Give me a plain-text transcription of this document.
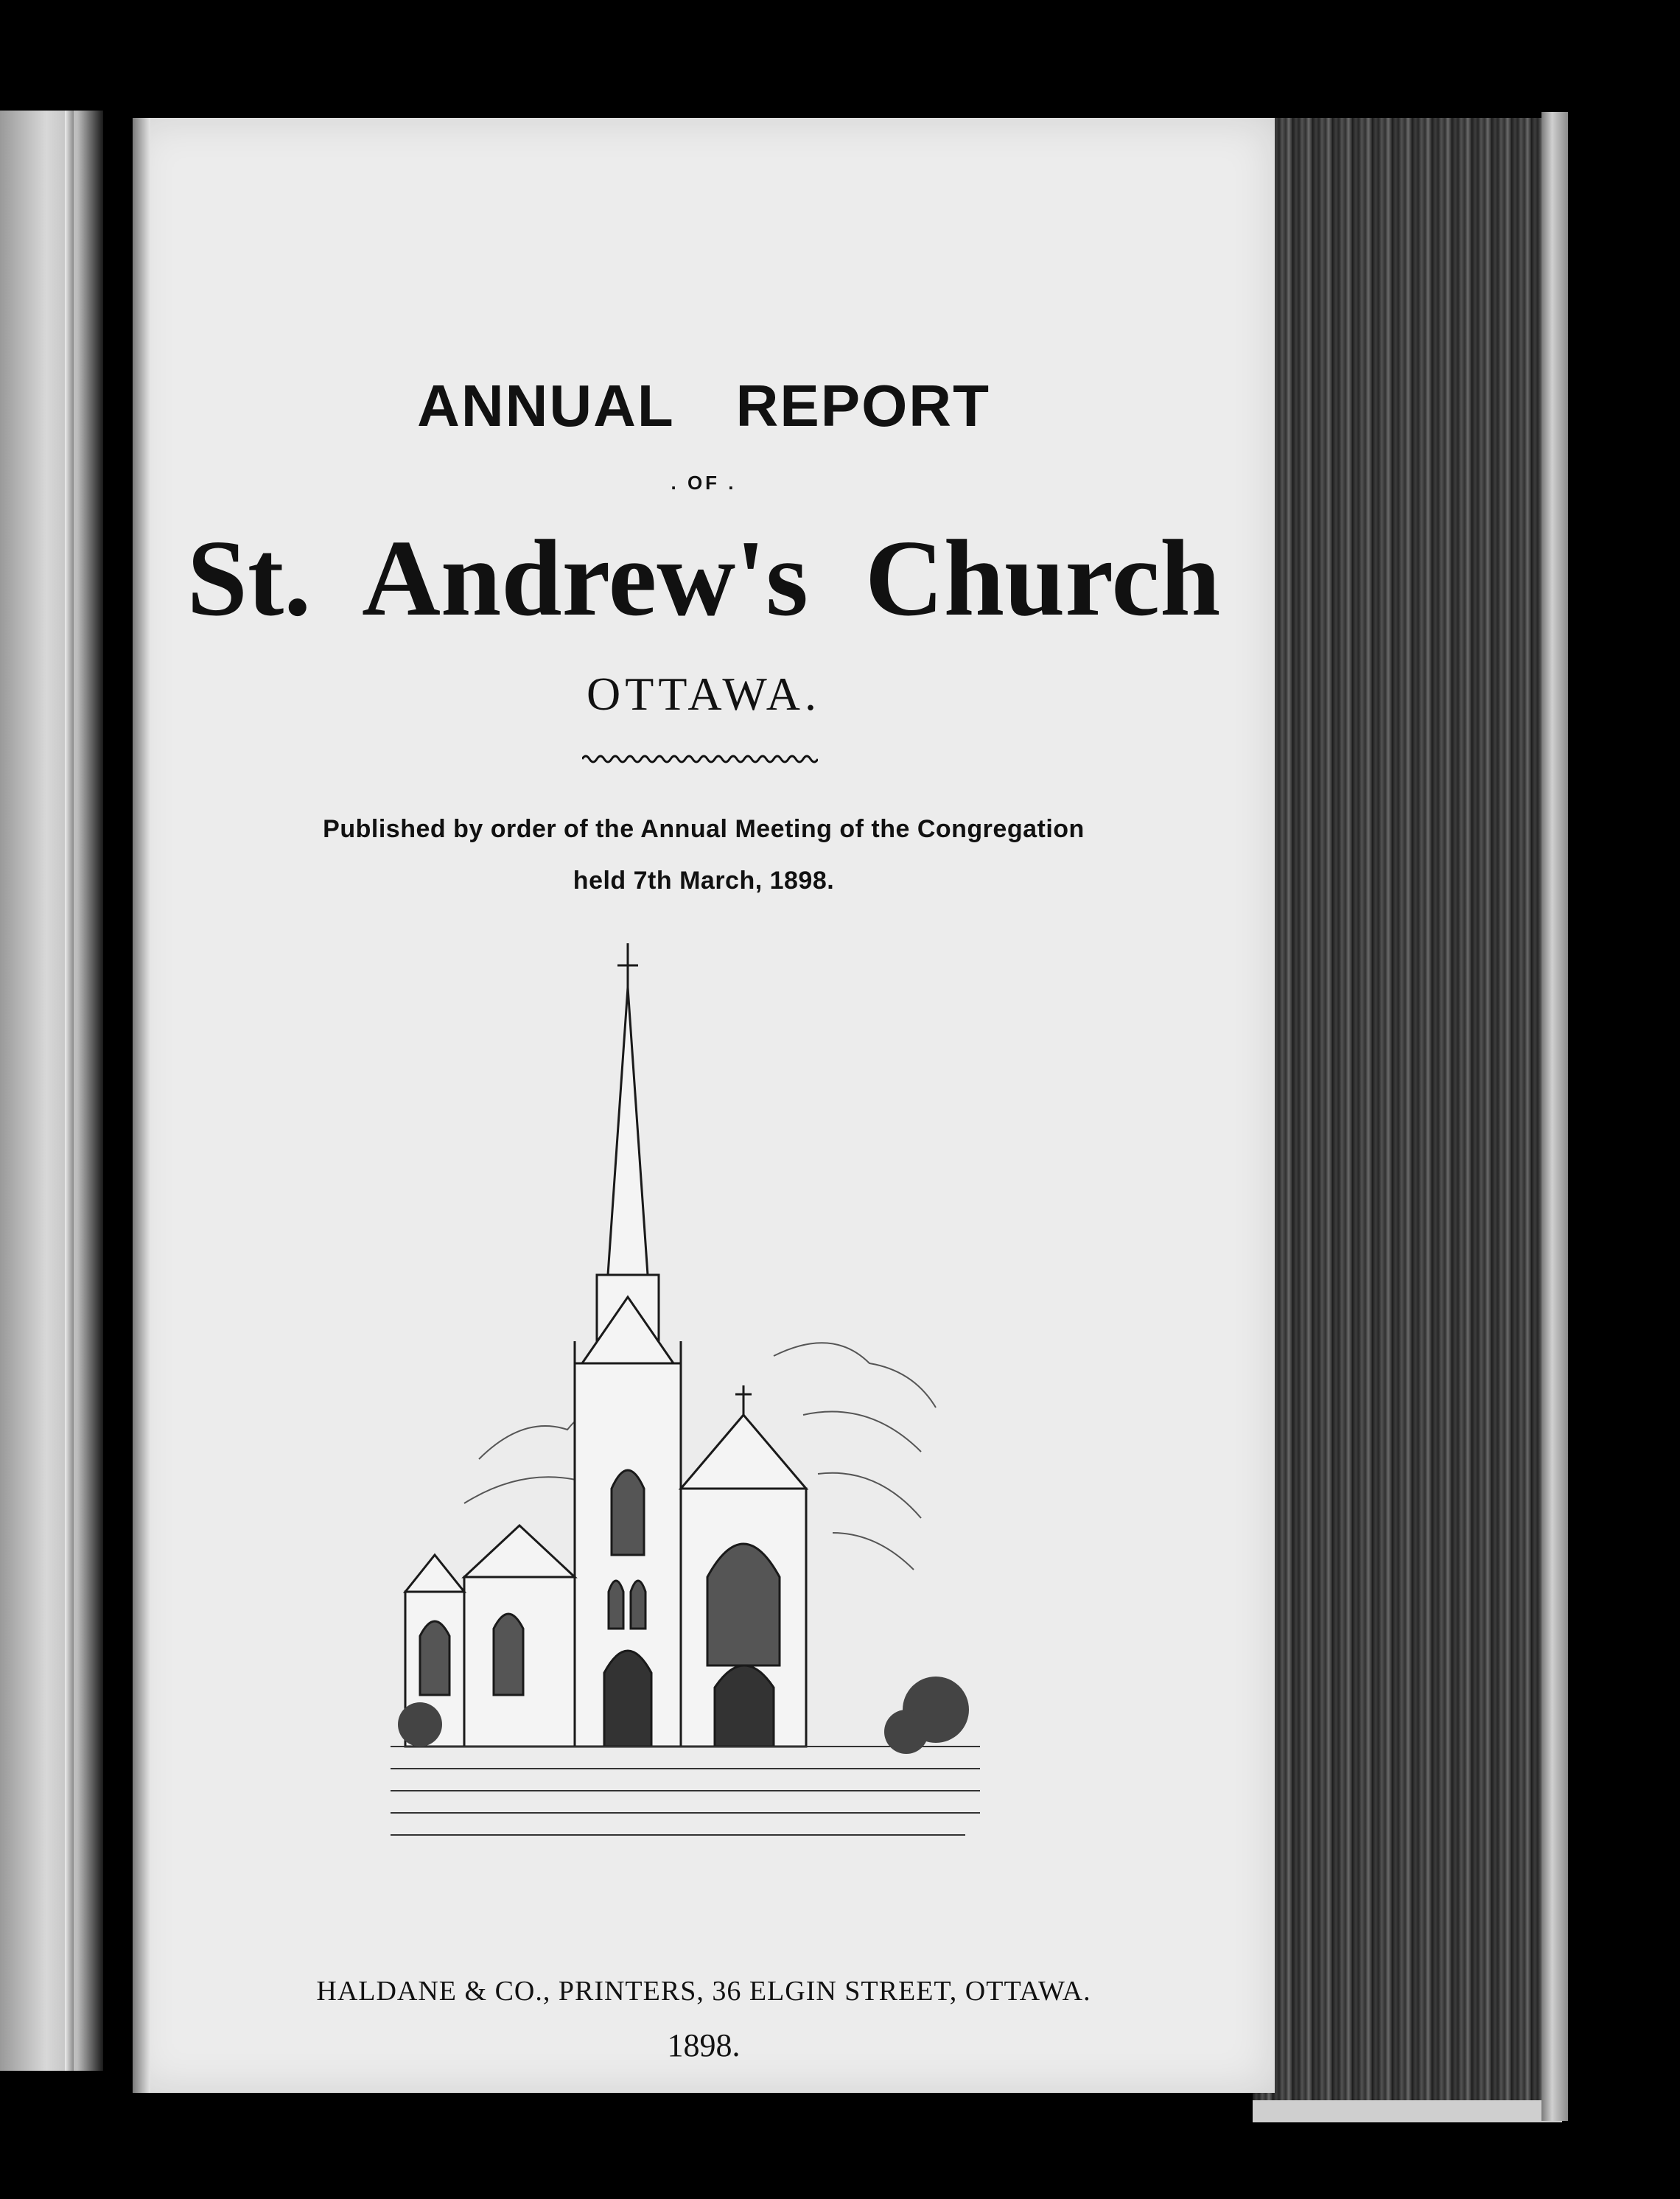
ANNUAL REPORT
. OF .
St. Andrew's Church
OTTAWA.
Published by order of the Annual Meeting of the Congregation
held 7th March, 1898.
HALDANE & CO., PRINTERS, 36 ELGIN STREET, OTTAWA.
1898.
